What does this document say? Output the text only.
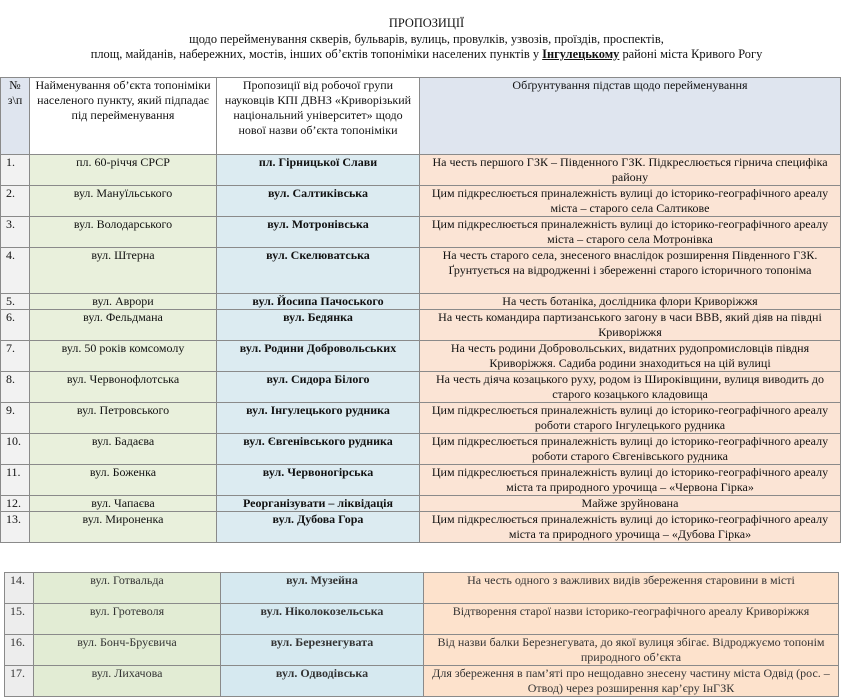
ПРОПОЗИЦІЇ
щодо перейменування скверів, бульварів, вулиць, провулків, узвозів, проїздів, проспектів,
площ, майданів, набережних, мостів, інших об’єктів топоніміки населених пунктів у Інгулецькому районі міста Кривого Рогу
№ з\п	Найменування об’єкта топоніміки населеного пункту, який підпадає під перейменування	Пропозиції від робочої групи науковців КПІ ДВНЗ «Криворізький національний університет» щодо нової назви об’єкта топоніміки	Обґрунтування підстав щодо перейменування
1.	пл. 60-річчя СРСР	пл. Гірницької Слави	На честь першого ГЗК – Південного ГЗК. Підкреслюється гірнича специфіка району
2.	вул. Мануїльського	вул. Салтиківська	Цим підкреслюється приналежність вулиці до історико-географічного ареалу міста – старого села Салтикове
3.	вул. Володарського	вул. Мотронівська	Цим підкреслюється приналежність вулиці до історико-географічного ареалу міста – старого села Мотронівка
4.	вул. Штерна	вул. Скелюватська	На честь старого села, знесеного внаслідок розширення Південного ГЗК. Ґрунтується на відродженні і збереженні старого історичного топоніма
5.	вул. Аврори	вул. Йосипа Пачоського	На честь ботаніка, дослідника флори Криворіжжя
6.	вул. Фельдмана	вул. Бедянка	На честь командира партизанського загону в часи ВВВ, який діяв на півдні Криворіжжя
7.	вул. 50 років комсомолу	вул. Родини Добровольських	На честь родини Добровольських, видатних рудопромисловців півдня Криворіжжя. Садиба родини знаходиться на цій вулиці
8.	вул. Червонофлотська	вул. Сидора Білого	На честь діяча козацького руху, родом із Широківщини, вулиця виводить до старого козацького кладовища
9.	вул. Петровського	вул. Інгулецького рудника	Цим підкреслюється приналежність вулиці до історико-географічного ареалу роботи старого Інгулецького рудника
10.	вул. Бадаєва	вул. Євгенівського рудника	Цим підкреслюється приналежність вулиці до історико-географічного ареалу роботи старого Євгенівського рудника
11.	вул. Боженка	вул. Червоногірська	Цим підкреслюється приналежність вулиці до історико-географічного ареалу міста та природного урочища – «Червона Гірка»
12.	вул. Чапаєва	Реорганізувати – ліквідація	Майже зруйнована
13.	вул. Мироненка	вул. Дубова Гора	Цим підкреслюється приналежність вулиці до історико-географічного ареалу міста та природного урочища – «Дубова Гірка»
14.	вул. Готвальда	вул. Музейна	На честь одного з важливих видів збереження старовини в місті
15.	вул. Гротеволя	вул. Ніколокозельська	Відтворення старої назви історико-географічного ареалу Криворіжжя
16.	вул. Бонч-Бруєвича	вул. Березнегувата	Від назви балки Березнегувата, до якої вулиця збігає. Відроджуємо топонім природного об’єкта
17.	вул. Лихачова	вул. Одводівська	Для збереження в пам’яті про нещодавно знесену частину міста Одвід (рос. – Отвод) через розширення кар’єру ІнГЗК
